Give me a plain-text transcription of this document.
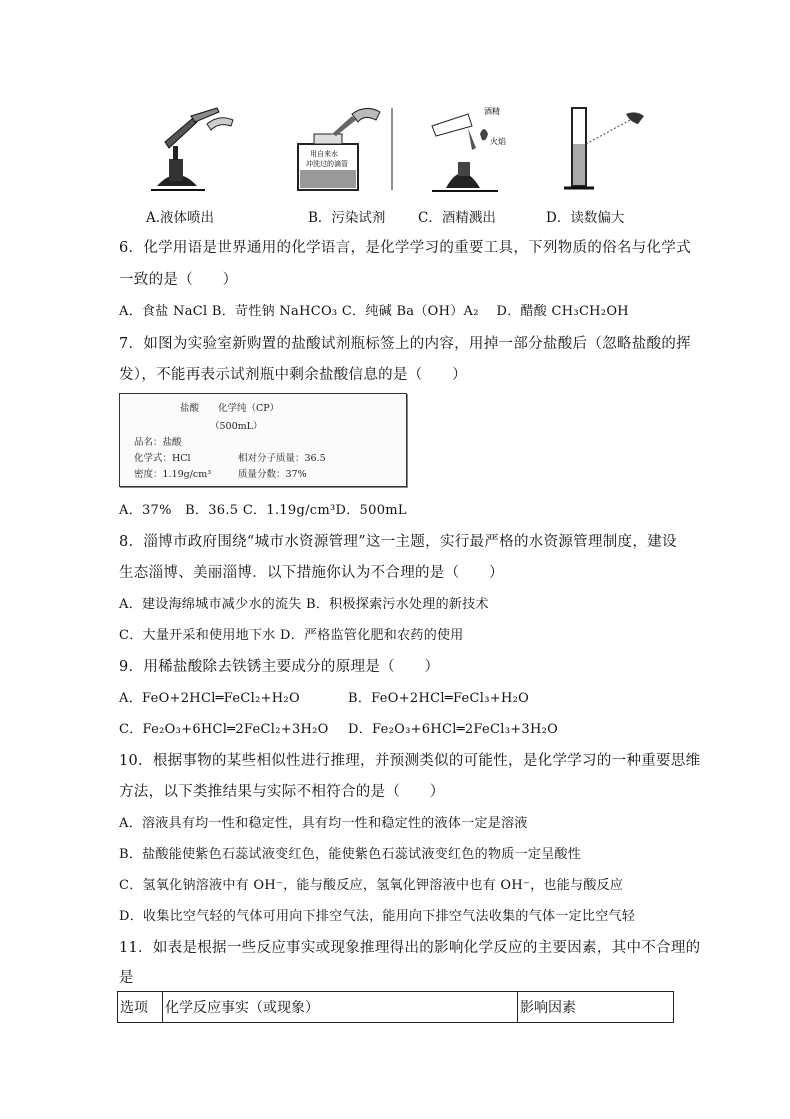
用自来水
冲洗过的滴管
酒精
火焰
A.液体喷出	B．污染试剂 C．酒精溅出	D．读数偏大
6．化学用语是世界通用的化学语言，是化学学习的重要工具，下列物质的俗名与化学式
一致的是（　　）
A．食盐 NaCl B．苛性钠 NaHCO₃ C．纯碱 Ba（OH）A₂　 D．醋酸 CH₃CH₂OH
7．如图为实验室新购置的盐酸试剂瓶标签上的内容，用掉一部分盐酸后（忽略盐酸的挥
发），不能再表示试剂瓶中剩余盐酸信息的是（　　）
盐酸　　化学纯（CP）
（500mL）
品名：盐酸
化学式：HCl	相对分子质量：36.5
密度：1.19g/cm³	质量分数：37%
A．37%　B．36.5 C．1.19g/cm³D．500mL
8．淄博市政府围绕“城市水资源管理”这一主题，实行最严格的水资源管理制度，建设
生态淄博、美丽淄博．以下措施你认为不合理的是（　　）
A．建设海绵城市减少水的流失 B．积极探索污水处理的新技术
C．大量开采和使用地下水 D．严格监管化肥和农药的使用
9．用稀盐酸除去铁锈主要成分的原理是（　　）
A．FeO+2HCl═FeCl₂+H₂O	B．FeO+2HCl═FeCl₃+H₂O
C．Fe₂O₃+6HCl═2FeCl₂+3H₂O D．Fe₂O₃+6HCl═2FeCl₃+3H₂O
10．根据事物的某些相似性进行推理，并预测类似的可能性，是化学学习的一种重要思维
方法，以下类推结果与实际不相符合的是（　　）
A．溶液具有均一性和稳定性，具有均一性和稳定性的液体一定是溶液
B．盐酸能使紫色石蕊试液变红色，能使紫色石蕊试液变红色的物质一定呈酸性
C．氢氧化钠溶液中有 OH⁻，能与酸反应，氢氧化钾溶液中也有 OH⁻，也能与酸反应
D．收集比空气轻的气体可用向下排空气法，能用向下排空气法收集的气体一定比空气轻
11．如表是根据一些反应事实或现象推理得出的影响化学反应的主要因素，其中不合理的
是
选项	化学反应事实（或现象）	影响因素
